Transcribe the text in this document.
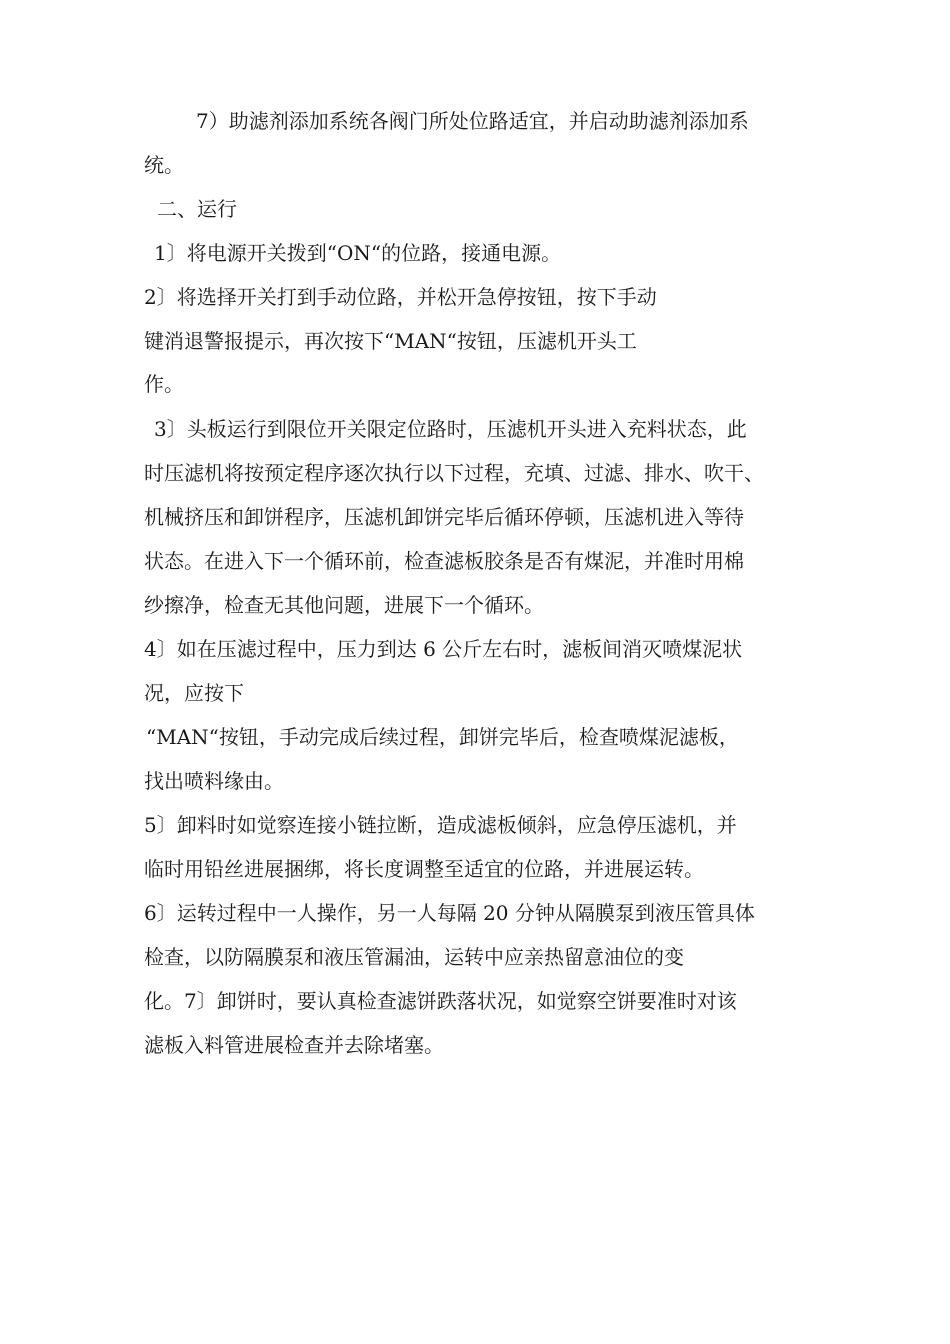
7）助滤剂添加系统各阀门所处位路适宜，并启动助滤剂添加系
统。
二、运行
1〕将电源开关拨到“ON“的位路，接通电源。
2〕将选择开关打到手动位路，并松开急停按钮，按下手动
键消退警报提示，再次按下“MAN“按钮，压滤机开头工
作。
3〕头板运行到限位开关限定位路时，压滤机开头进入充料状态，此
时压滤机将按预定程序逐次执行以下过程，充填、过滤、排水、吹干、
机械挤压和卸饼程序，压滤机卸饼完毕后循环停顿，压滤机进入等待
状态。在进入下一个循环前，检查滤板胶条是否有煤泥，并准时用棉
纱擦净，检查无其他问题，进展下一个循环。
4〕如在压滤过程中，压力到达 6 公斤左右时，滤板间消灭喷煤泥状
况，应按下
“MAN“按钮，手动完成后续过程，卸饼完毕后，检查喷煤泥滤板，
找出喷料缘由。
5〕卸料时如觉察连接小链拉断，造成滤板倾斜，应急停压滤机，并
临时用铅丝进展捆绑，将长度调整至适宜的位路，并进展运转。
6〕运转过程中一人操作，另一人每隔 20 分钟从隔膜泵到液压管具体
检查，以防隔膜泵和液压管漏油，运转中应亲热留意油位的变
化。7〕卸饼时，要认真检查滤饼跌落状况，如觉察空饼要准时对该
滤板入料管进展检查并去除堵塞。
